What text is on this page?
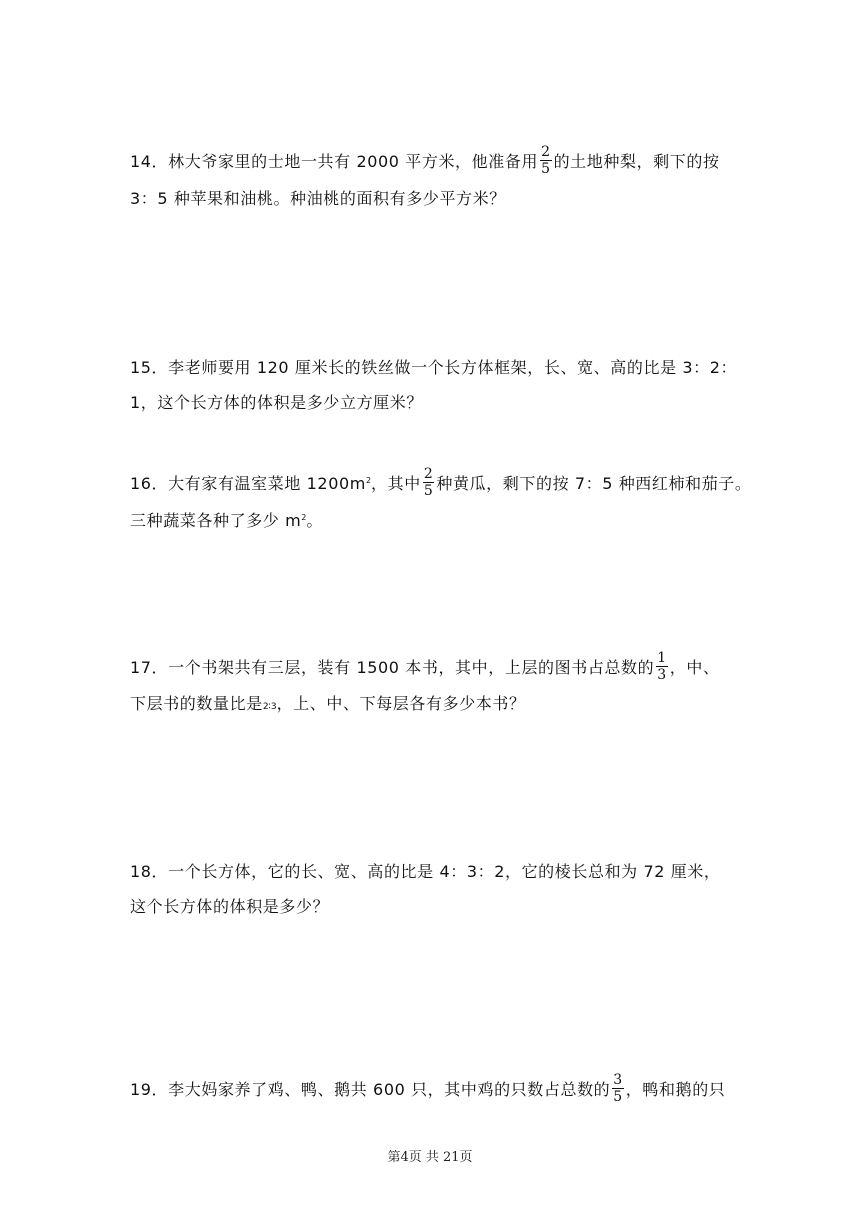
14．林大爷家里的士地一共有 2000 平方米，他准备用 $\frac{2}{5}$ 的土地种梨，剩下的按
3：5 种苹果和油桃。种油桃的面积有多少平方米？
15．李老师要用 120 厘米长的铁丝做一个长方体框架，长、宽、高的比是 3：2：
1，这个长方体的体积是多少立方厘米？
16．大有家有温室菜地 $1200m^2$，其中 $\frac{2}{5}$ 种黄瓜，剩下的按 7：5 种西红柿和茄子。
三种蔬菜各种了多少 $m^2$。
17．一个书架共有三层，装有 1500 本书，其中，上层的图书占总数的 $\frac{1}{3}$ ，中、
下层书的数量比是2∶3，上、中、下每层各有多少本书？
18．一个长方体，它的长、宽、高的比是 4：3：2，它的棱长总和为 72 厘米，
这个长方体的体积是多少？
19．李大妈家养了鸡、鸭、鹅共 600 只，其中鸡的只数占总数的 $\frac{3}{5}$ ，鸭和鹅的只
第4页 共 21页
